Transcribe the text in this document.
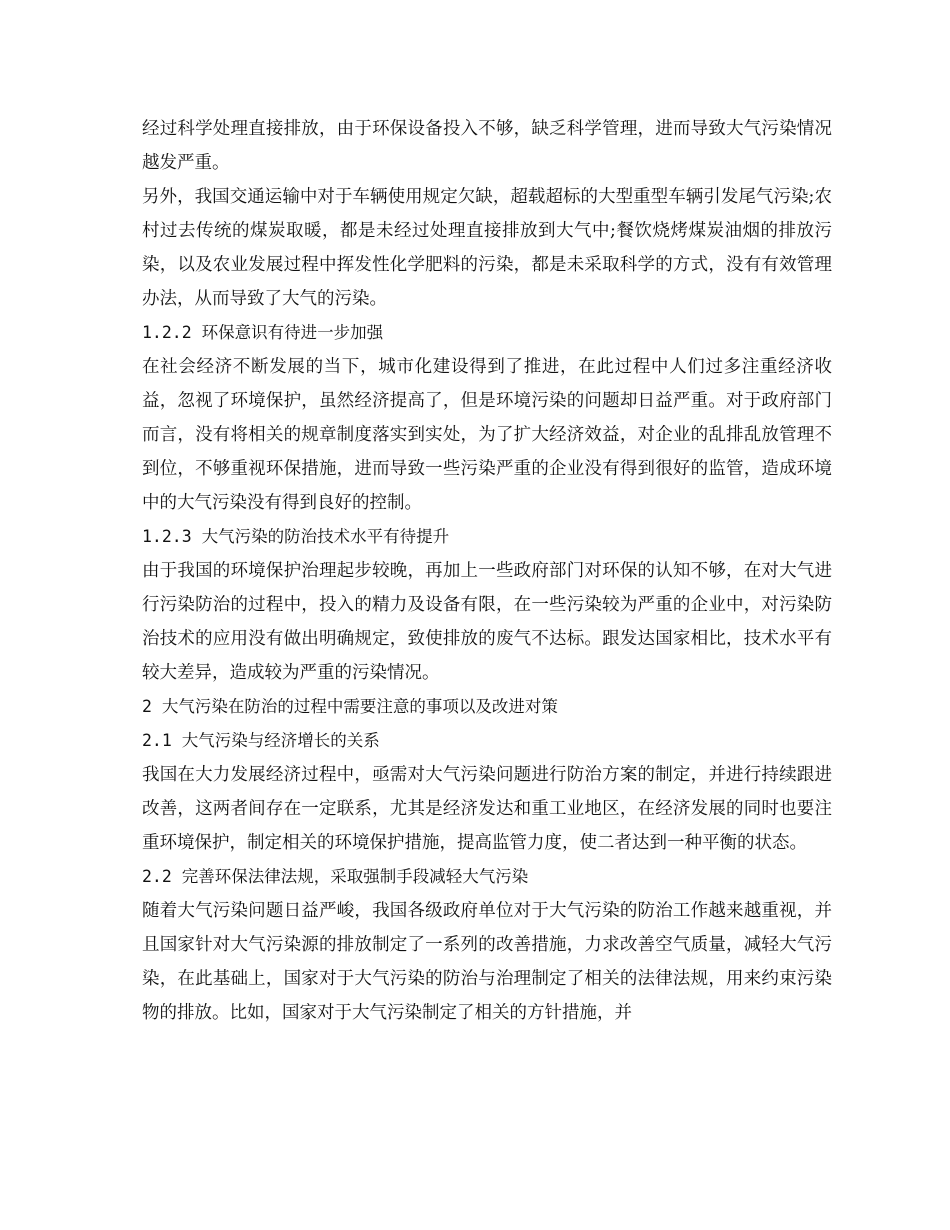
经过科学处理直接排放，由于环保设备投入不够，缺乏科学管理，进而导致大气污染情况越发严重。

另外，我国交通运输中对于车辆使用规定欠缺，超载超标的大型重型车辆引发尾气污染;农村过去传统的煤炭取暖，都是未经过处理直接排放到大气中;餐饮烧烤煤炭油烟的排放污染，以及农业发展过程中挥发性化学肥料的污染，都是未采取科学的方式，没有有效管理办法，从而导致了大气的污染。

1.2.2 环保意识有待进一步加强

在社会经济不断发展的当下，城市化建设得到了推进，在此过程中人们过多注重经济收益，忽视了环境保护，虽然经济提高了，但是环境污染的问题却日益严重。对于政府部门而言，没有将相关的规章制度落实到实处，为了扩大经济效益，对企业的乱排乱放管理不到位，不够重视环保措施，进而导致一些污染严重的企业没有得到很好的监管，造成环境中的大气污染没有得到良好的控制。

1.2.3 大气污染的防治技术水平有待提升

由于我国的环境保护治理起步较晚，再加上一些政府部门对环保的认知不够，在对大气进行污染防治的过程中，投入的精力及设备有限，在一些污染较为严重的企业中，对污染防治技术的应用没有做出明确规定，致使排放的废气不达标。跟发达国家相比，技术水平有较大差异，造成较为严重的污染情况。

2 大气污染在防治的过程中需要注意的事项以及改进对策

2.1 大气污染与经济增长的关系

我国在大力发展经济过程中，亟需对大气污染问题进行防治方案的制定，并进行持续跟进改善，这两者间存在一定联系，尤其是经济发达和重工业地区，在经济发展的同时也要注重环境保护，制定相关的环境保护措施，提高监管力度，使二者达到一种平衡的状态。

2.2 完善环保法律法规，采取强制手段减轻大气污染

随着大气污染问题日益严峻，我国各级政府单位对于大气污染的防治工作越来越重视，并且国家针对大气污染源的排放制定了一系列的改善措施，力求改善空气质量，减轻大气污染，在此基础上，国家对于大气污染的防治与治理制定了相关的法律法规，用来约束污染物的排放。比如，国家对于大气污染制定了相关的方针措施，并
